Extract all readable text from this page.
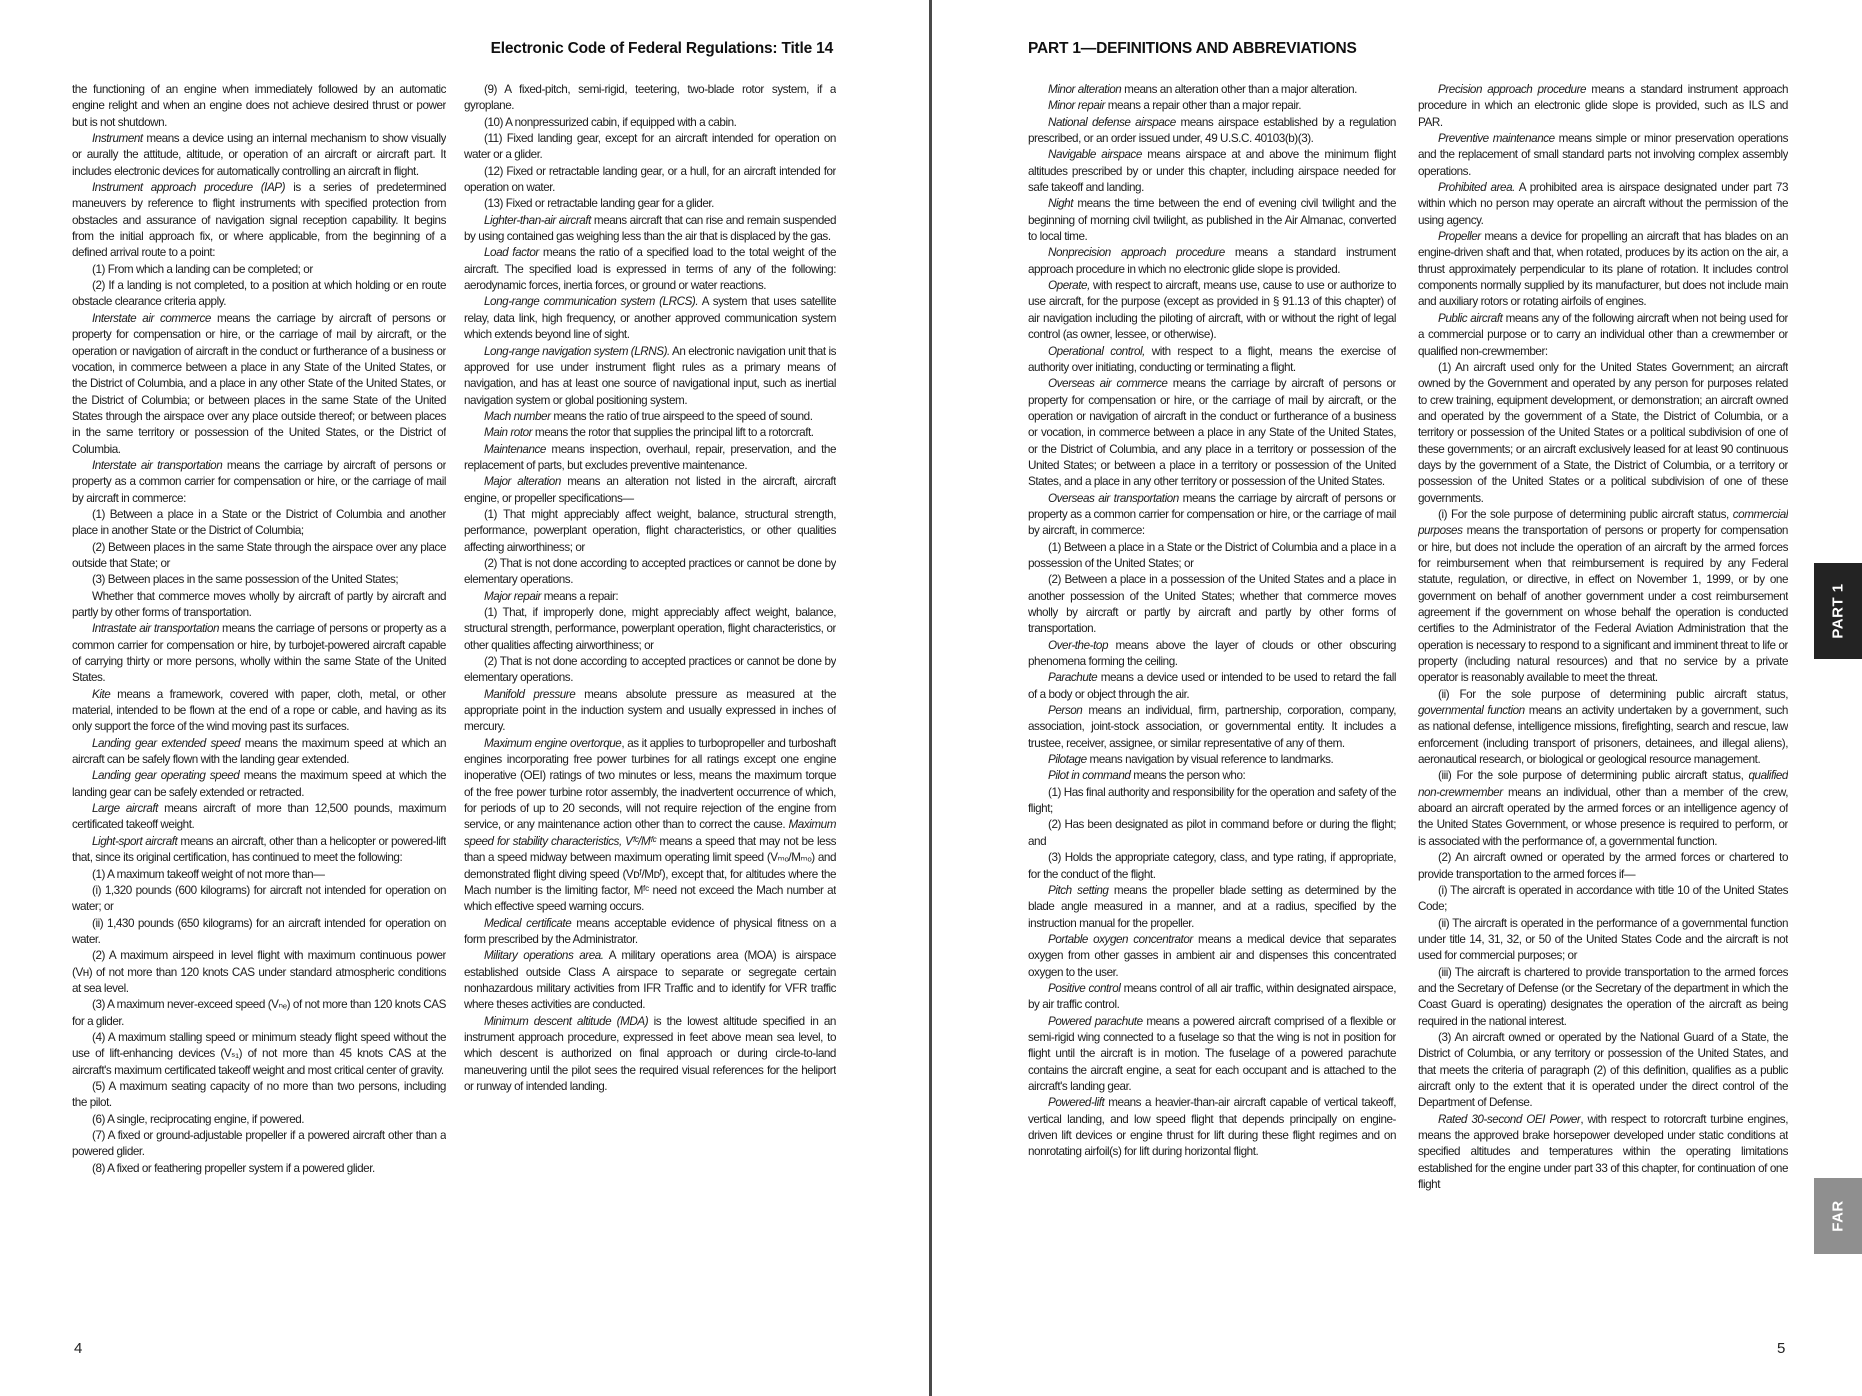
Electronic Code of Federal Regulations: Title 14
the functioning of an engine when immediately followed by an automatic engine relight and when an engine does not achieve desired thrust or power but is not shutdown.
Instrument means a device using an internal mechanism to show visually or aurally the attitude, altitude, or operation of an aircraft or aircraft part. It includes electronic devices for automatically controlling an aircraft in flight.
Instrument approach procedure (IAP) is a series of predetermined maneuvers by reference to flight instruments with specified protection from obstacles and assurance of navigation signal reception capability. It begins from the initial approach fix, or where applicable, from the beginning of a defined arrival route to a point:
(1) From which a landing can be completed; or
(2) If a landing is not completed, to a position at which holding or en route obstacle clearance criteria apply.
Interstate air commerce means the carriage by aircraft of persons or property for compensation or hire, or the carriage of mail by aircraft, or the operation or navigation of aircraft in the conduct or furtherance of a business or vocation, in commerce between a place in any State of the United States, or the District of Columbia, and a place in any other State of the United States, or the District of Columbia; or between places in the same State of the United States through the airspace over any place outside thereof; or between places in the same territory or possession of the United States, or the District of Columbia.
Interstate air transportation means the carriage by aircraft of persons or property as a common carrier for compensation or hire, or the carriage of mail by aircraft in commerce:
(1) Between a place in a State or the District of Columbia and another place in another State or the District of Columbia;
(2) Between places in the same State through the airspace over any place outside that State; or
(3) Between places in the same possession of the United States;
Whether that commerce moves wholly by aircraft of partly by aircraft and partly by other forms of transportation.
Intrastate air transportation means the carriage of persons or property as a common carrier for compensation or hire, by turbojet-powered aircraft capable of carrying thirty or more persons, wholly within the same State of the United States.
Kite means a framework, covered with paper, cloth, metal, or other material, intended to be flown at the end of a rope or cable, and having as its only support the force of the wind moving past its surfaces.
Landing gear extended speed means the maximum speed at which an aircraft can be safely flown with the landing gear extended.
Landing gear operating speed means the maximum speed at which the landing gear can be safely extended or retracted.
Large aircraft means aircraft of more than 12,500 pounds, maximum certificated takeoff weight.
Light-sport aircraft means an aircraft, other than a helicopter or powered-lift that, since its original certification, has continued to meet the following:
(1) A maximum takeoff weight of not more than—
(i) 1,320 pounds (600 kilograms) for aircraft not intended for operation on water; or
(ii) 1,430 pounds (650 kilograms) for an aircraft intended for operation on water.
(2) A maximum airspeed in level flight with maximum continuous power (Vʜ) of not more than 120 knots CAS under standard atmospheric conditions at sea level.
(3) A maximum never-exceed speed (Vₙₑ) of not more than 120 knots CAS for a glider.
(4) A maximum stalling speed or minimum steady flight speed without the use of lift-enhancing devices (Vₛ₁) of not more than 45 knots CAS at the aircraft's maximum certificated takeoff weight and most critical center of gravity.
(5) A maximum seating capacity of no more than two persons, including the pilot.
(6) A single, reciprocating engine, if powered.
(7) A fixed or ground-adjustable propeller if a powered aircraft other than a powered glider.
(8) A fixed or feathering propeller system if a powered glider.
(9) A fixed-pitch, semi-rigid, teetering, two-blade rotor system, if a gyroplane.
(10) A nonpressurized cabin, if equipped with a cabin.
(11) Fixed landing gear, except for an aircraft intended for operation on water or a glider.
(12) Fixed or retractable landing gear, or a hull, for an aircraft intended for operation on water.
(13) Fixed or retractable landing gear for a glider.
Lighter-than-air aircraft means aircraft that can rise and remain suspended by using contained gas weighing less than the air that is displaced by the gas.
Load factor means the ratio of a specified load to the total weight of the aircraft. The specified load is expressed in terms of any of the following: aerodynamic forces, inertia forces, or ground or water reactions.
Long-range communication system (LRCS). A system that uses satellite relay, data link, high frequency, or another approved communication system which extends beyond line of sight.
Long-range navigation system (LRNS). An electronic navigation unit that is approved for use under instrument flight rules as a primary means of navigation, and has at least one source of navigational input, such as inertial navigation system or global positioning system.
Mach number means the ratio of true airspeed to the speed of sound.
Main rotor means the rotor that supplies the principal lift to a rotorcraft.
Maintenance means inspection, overhaul, repair, preservation, and the replacement of parts, but excludes preventive maintenance.
Major alteration means an alteration not listed in the aircraft, aircraft engine, or propeller specifications—
(1) That might appreciably affect weight, balance, structural strength, performance, powerplant operation, flight characteristics, or other qualities affecting airworthiness; or
(2) That is not done according to accepted practices or cannot be done by elementary operations.
Major repair means a repair:
(1) That, if improperly done, might appreciably affect weight, balance, structural strength, performance, powerplant operation, flight characteristics, or other qualities affecting airworthiness; or
(2) That is not done according to accepted practices or cannot be done by elementary operations.
Manifold pressure means absolute pressure as measured at the appropriate point in the induction system and usually expressed in inches of mercury.
Maximum engine overtorque, as it applies to turbopropeller and turboshaft engines incorporating free power turbines for all ratings except one engine inoperative (OEI) ratings of two minutes or less, means the maximum torque of the free power turbine rotor assembly, the inadvertent occurrence of which, for periods of up to 20 seconds, will not require rejection of the engine from service, or any maintenance action other than to correct the cause. Maximum speed for stability characteristics, Vᶠᶜ/Mᶠᶜ means a speed that may not be less than a speed midway between maximum operating limit speed (Vₘₒ/Mₘₒ) and demonstrated flight diving speed (Vᴅᶠ/Mᴅᶠ), except that, for altitudes where the Mach number is the limiting factor, Mᶠᶜ need not exceed the Mach number at which effective speed warning occurs.
Medical certificate means acceptable evidence of physical fitness on a form prescribed by the Administrator.
Military operations area. A military operations area (MOA) is airspace established outside Class A airspace to separate or segregate certain nonhazardous military activities from IFR Traffic and to identify for VFR traffic where theses activities are conducted.
Minimum descent altitude (MDA) is the lowest altitude specified in an instrument approach procedure, expressed in feet above mean sea level, to which descent is authorized on final approach or during circle-to-land maneuvering until the pilot sees the required visual references for the heliport or runway of intended landing.
4
PART 1—DEFINITIONS AND ABBREVIATIONS
Minor alteration means an alteration other than a major alteration.
Minor repair means a repair other than a major repair.
National defense airspace means airspace established by a regulation prescribed, or an order issued under, 49 U.S.C. 40103(b)(3).
Navigable airspace means airspace at and above the minimum flight altitudes prescribed by or under this chapter, including airspace needed for safe takeoff and landing.
Night means the time between the end of evening civil twilight and the beginning of morning civil twilight, as published in the Air Almanac, converted to local time.
Nonprecision approach procedure means a standard instrument approach procedure in which no electronic glide slope is provided.
Operate, with respect to aircraft, means use, cause to use or authorize to use aircraft, for the purpose (except as provided in § 91.13 of this chapter) of air navigation including the piloting of aircraft, with or without the right of legal control (as owner, lessee, or otherwise).
Operational control, with respect to a flight, means the exercise of authority over initiating, conducting or terminating a flight.
Overseas air commerce means the carriage by aircraft of persons or property for compensation or hire, or the carriage of mail by aircraft, or the operation or navigation of aircraft in the conduct or furtherance of a business or vocation, in commerce between a place in any State of the United States, or the District of Columbia, and any place in a territory or possession of the United States; or between a place in a territory or possession of the United States, and a place in any other territory or possession of the United States.
Overseas air transportation means the carriage by aircraft of persons or property as a common carrier for compensation or hire, or the carriage of mail by aircraft, in commerce:
(1) Between a place in a State or the District of Columbia and a place in a possession of the United States; or
(2) Between a place in a possession of the United States and a place in another possession of the United States; whether that commerce moves wholly by aircraft or partly by aircraft and partly by other forms of transportation.
Over-the-top means above the layer of clouds or other obscuring phenomena forming the ceiling.
Parachute means a device used or intended to be used to retard the fall of a body or object through the air.
Person means an individual, firm, partnership, corporation, company, association, joint-stock association, or governmental entity. It includes a trustee, receiver, assignee, or similar representative of any of them.
Pilotage means navigation by visual reference to landmarks.
Pilot in command means the person who:
(1) Has final authority and responsibility for the operation and safety of the flight;
(2) Has been designated as pilot in command before or during the flight; and
(3) Holds the appropriate category, class, and type rating, if appropriate, for the conduct of the flight.
Pitch setting means the propeller blade setting as determined by the blade angle measured in a manner, and at a radius, specified by the instruction manual for the propeller.
Portable oxygen concentrator means a medical device that separates oxygen from other gasses in ambient air and dispenses this concentrated oxygen to the user.
Positive control means control of all air traffic, within designated airspace, by air traffic control.
Powered parachute means a powered aircraft comprised of a flexible or semi-rigid wing connected to a fuselage so that the wing is not in position for flight until the aircraft is in motion. The fuselage of a powered parachute contains the aircraft engine, a seat for each occupant and is attached to the aircraft's landing gear.
Powered-lift means a heavier-than-air aircraft capable of vertical takeoff, vertical landing, and low speed flight that depends principally on engine-driven lift devices or engine thrust for lift during these flight regimes and on nonrotating airfoil(s) for lift during horizontal flight.
Precision approach procedure means a standard instrument approach procedure in which an electronic glide slope is provided, such as ILS and PAR.
Preventive maintenance means simple or minor preservation operations and the replacement of small standard parts not involving complex assembly operations.
Prohibited area. A prohibited area is airspace designated under part 73 within which no person may operate an aircraft without the permission of the using agency.
Propeller means a device for propelling an aircraft that has blades on an engine-driven shaft and that, when rotated, produces by its action on the air, a thrust approximately perpendicular to its plane of rotation. It includes control components normally supplied by its manufacturer, but does not include main and auxiliary rotors or rotating airfoils of engines.
Public aircraft means any of the following aircraft when not being used for a commercial purpose or to carry an individual other than a crewmember or qualified non-crewmember:
(1) An aircraft used only for the United States Government; an aircraft owned by the Government and operated by any person for purposes related to crew training, equipment development, or demonstration; an aircraft owned and operated by the government of a State, the District of Columbia, or a territory or possession of the United States or a political subdivision of one of these governments; or an aircraft exclusively leased for at least 90 continuous days by the government of a State, the District of Columbia, or a territory or possession of the United States or a political subdivision of one of these governments.
(i) For the sole purpose of determining public aircraft status, commercial purposes means the transportation of persons or property for compensation or hire, but does not include the operation of an aircraft by the armed forces for reimbursement when that reimbursement is required by any Federal statute, regulation, or directive, in effect on November 1, 1999, or by one government on behalf of another government under a cost reimbursement agreement if the government on whose behalf the operation is conducted certifies to the Administrator of the Federal Aviation Administration that the operation is necessary to respond to a significant and imminent threat to life or property (including natural resources) and that no service by a private operator is reasonably available to meet the threat.
(ii) For the sole purpose of determining public aircraft status, governmental function means an activity undertaken by a government, such as national defense, intelligence missions, firefighting, search and rescue, law enforcement (including transport of prisoners, detainees, and illegal aliens), aeronautical research, or biological or geological resource management.
(iii) For the sole purpose of determining public aircraft status, qualified non-crewmember means an individual, other than a member of the crew, aboard an aircraft operated by the armed forces or an intelligence agency of the United States Government, or whose presence is required to perform, or is associated with the performance of, a governmental function.
(2) An aircraft owned or operated by the armed forces or chartered to provide transportation to the armed forces if—
(i) The aircraft is operated in accordance with title 10 of the United States Code;
(ii) The aircraft is operated in the performance of a governmental function under title 14, 31, 32, or 50 of the United States Code and the aircraft is not used for commercial purposes; or
(iii) The aircraft is chartered to provide transportation to the armed forces and the Secretary of Defense (or the Secretary of the department in which the Coast Guard is operating) designates the operation of the aircraft as being required in the national interest.
(3) An aircraft owned or operated by the National Guard of a State, the District of Columbia, or any territory or possession of the United States, and that meets the criteria of paragraph (2) of this definition, qualifies as a public aircraft only to the extent that it is operated under the direct control of the Department of Defense.
Rated 30-second OEI Power, with respect to rotorcraft turbine engines, means the approved brake horsepower developed under static conditions at specified altitudes and temperatures within the operating limitations established for the engine under part 33 of this chapter, for continuation of one flight
5
PART 1
FAR
